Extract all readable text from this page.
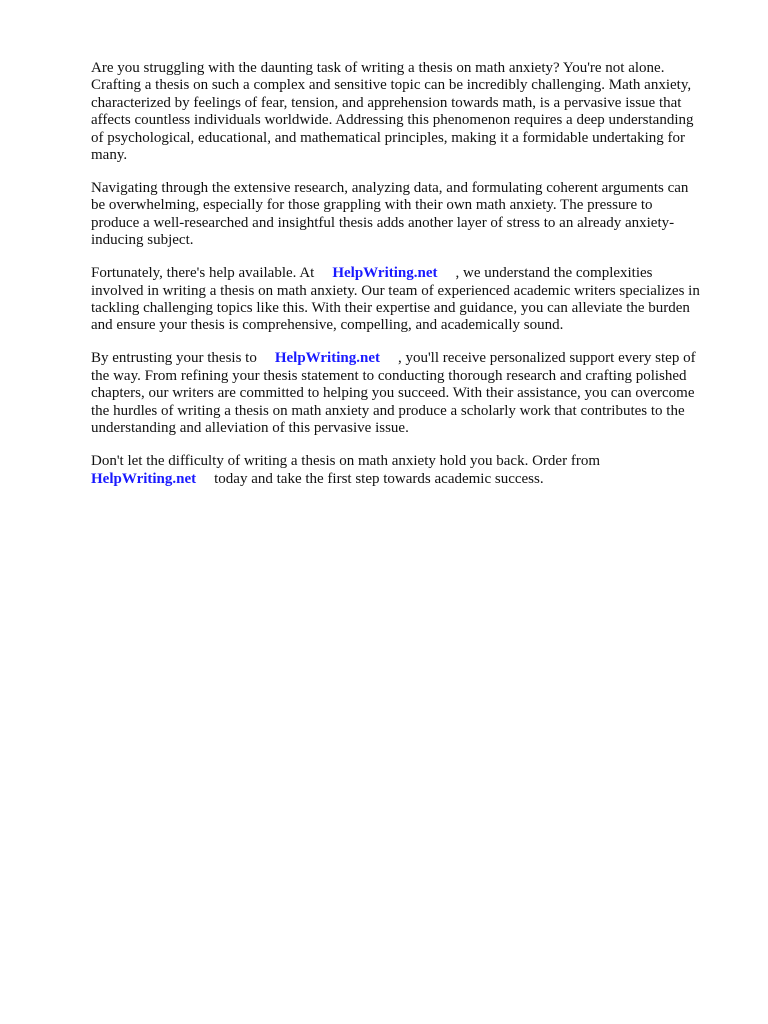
Are you struggling with the daunting task of writing a thesis on math anxiety? You're not alone.
Crafting a thesis on such a complex and sensitive topic can be incredibly challenging. Math anxiety,
characterized by feelings of fear, tension, and apprehension towards math, is a pervasive issue that
affects countless individuals worldwide. Addressing this phenomenon requires a deep understanding
of psychological, educational, and mathematical principles, making it a formidable undertaking for
many.

Navigating through the extensive research, analyzing data, and formulating coherent arguments can
be overwhelming, especially for those grappling with their own math anxiety. The pressure to
produce a well-researched and insightful thesis adds another layer of stress to an already anxiety-
inducing subject.

Fortunately, there's help available. At HelpWriting.net , we understand the complexities
involved in writing a thesis on math anxiety. Our team of experienced academic writers specializes in
tackling challenging topics like this. With their expertise and guidance, you can alleviate the burden
and ensure your thesis is comprehensive, compelling, and academically sound.

By entrusting your thesis to HelpWriting.net , you'll receive personalized support every step of
the way. From refining your thesis statement to conducting thorough research and crafting polished
chapters, our writers are committed to helping you succeed. With their assistance, you can overcome
the hurdles of writing a thesis on math anxiety and produce a scholarly work that contributes to the
understanding and alleviation of this pervasive issue.

Don't let the difficulty of writing a thesis on math anxiety hold you back. Order from
HelpWriting.net today and take the first step towards academic success.
